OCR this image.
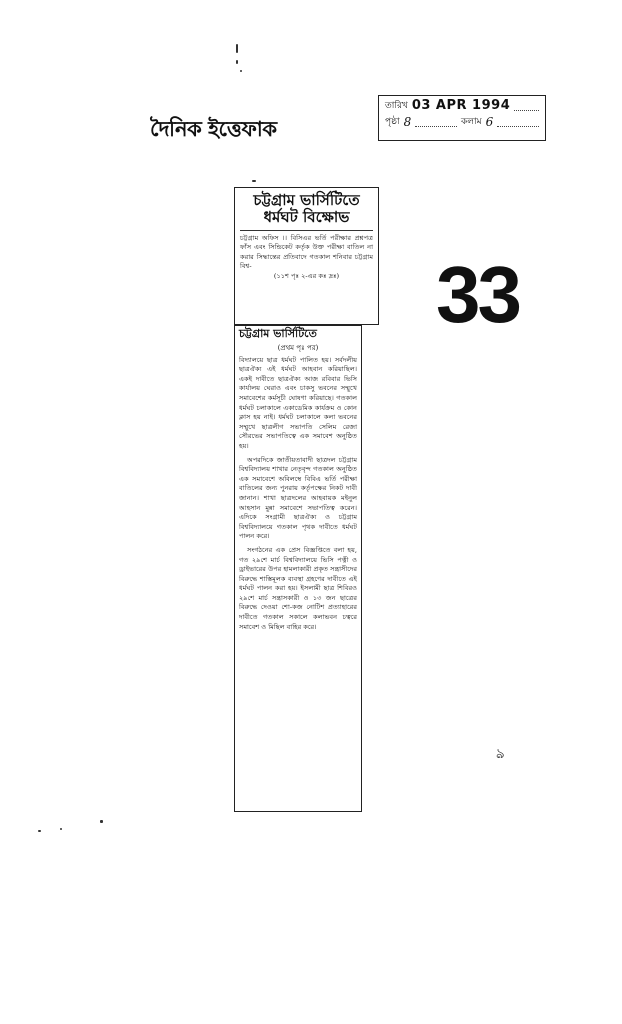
দৈনিক ইত্তেফাক
তারিখ 03 APR 1994
পৃষ্ঠা 8	কলাম 6
33

চট্টগ্রাম ভার্সিটিতে ধর্মঘট বিক্ষোভ

চট্টগ্রাম অফিস ।। বিসিএর ভর্তি পরীক্ষার প্রশ্নপত্র ফাঁস এবং সিন্ডিকেট কর্তৃক উক্ত পরীক্ষা বাতিল না করার সিদ্ধান্তের প্রতিবাদে গতকাল শনিবার চট্টগ্রাম বিশ্ব-

(১১শ পৃঃ ২-এর কঃ দ্রঃ)

চট্টগ্রাম ভার্সিটিতে

(প্রথম পৃঃ পর)

বিদ্যালয়ে ছাত্র ধর্মঘট পালিত হয়। সর্বদলীয় ছাত্রঐক্য এই ধর্মঘট আহবান করিয়াছিল। একই দাবীতে ছাত্রঐক্য আজ রবিবার ভিসি কার্যালয় ঘেরাও এবং চাকসু ভবনের সম্মুখে সমাবেশের কর্মসূচী ঘোষণা করিয়াছে। গতকাল ধর্মঘট চলাকালে একাডেমিক কার্যক্রম ও কোন ক্লাস হয় নাই। ধর্মঘট চলাকালে কলা ভবনের সম্মুখে ছাত্রলীগ সভাপতি সেলিম রেজা সৌরভের সভাপতিত্বে এক সমাবেশ অনুষ্ঠিত হয়।

অপরদিকে জাতীয়তাবাদী ছাত্রদল চট্টগ্রাম বিশ্ববিদ্যালয় শাখার নেতৃবৃন্দ গতকাল অনুষ্ঠিত এক সমাবেশে অবিলম্বে বিবিএ ভর্তি পরীক্ষা বাতিলের জন্য পুনরায় কর্তৃপক্ষের নিকট দাবী জানান। শাখা ছাত্রদলের আহবায়ক মইনুল আহসান মুন্না সমাবেশে সভাপতিত্ব করেন। এদিকে সংগ্রামী ছাত্রঐক্য ও চট্টগ্রাম বিশ্ববিদ্যালয়ে গতকাল পৃথক দাবীতে ধর্মঘট পালন করে।

সংগঠনের এক প্রেস বিজ্ঞপ্তিতে বলা হয়, গত ২৯শে মার্চ বিশ্ববিদ্যালয়ে ভিসি পত্নী ও ড্রাইভারের উপর হামলাকারী প্রকৃত সন্ত্রাসীদের বিরুদ্ধে শাস্তিমূলক ব্যবস্থা গ্রহণের দাবীতে এই ধর্মঘট পালন করা হয়। ইসলামী ছাত্র শিবিরও ২৯শে মার্চ সন্ত্রাসকারী ও ১৩ জন ছাত্রের বিরুদ্ধে দেওয়া শো-কজ নোটিশ প্রত্যাহারের দাবীতে গতকাল সকালে কলাভবন চত্বরে সমাবেশ ও মিছিল বাহির করে।

ঌ
